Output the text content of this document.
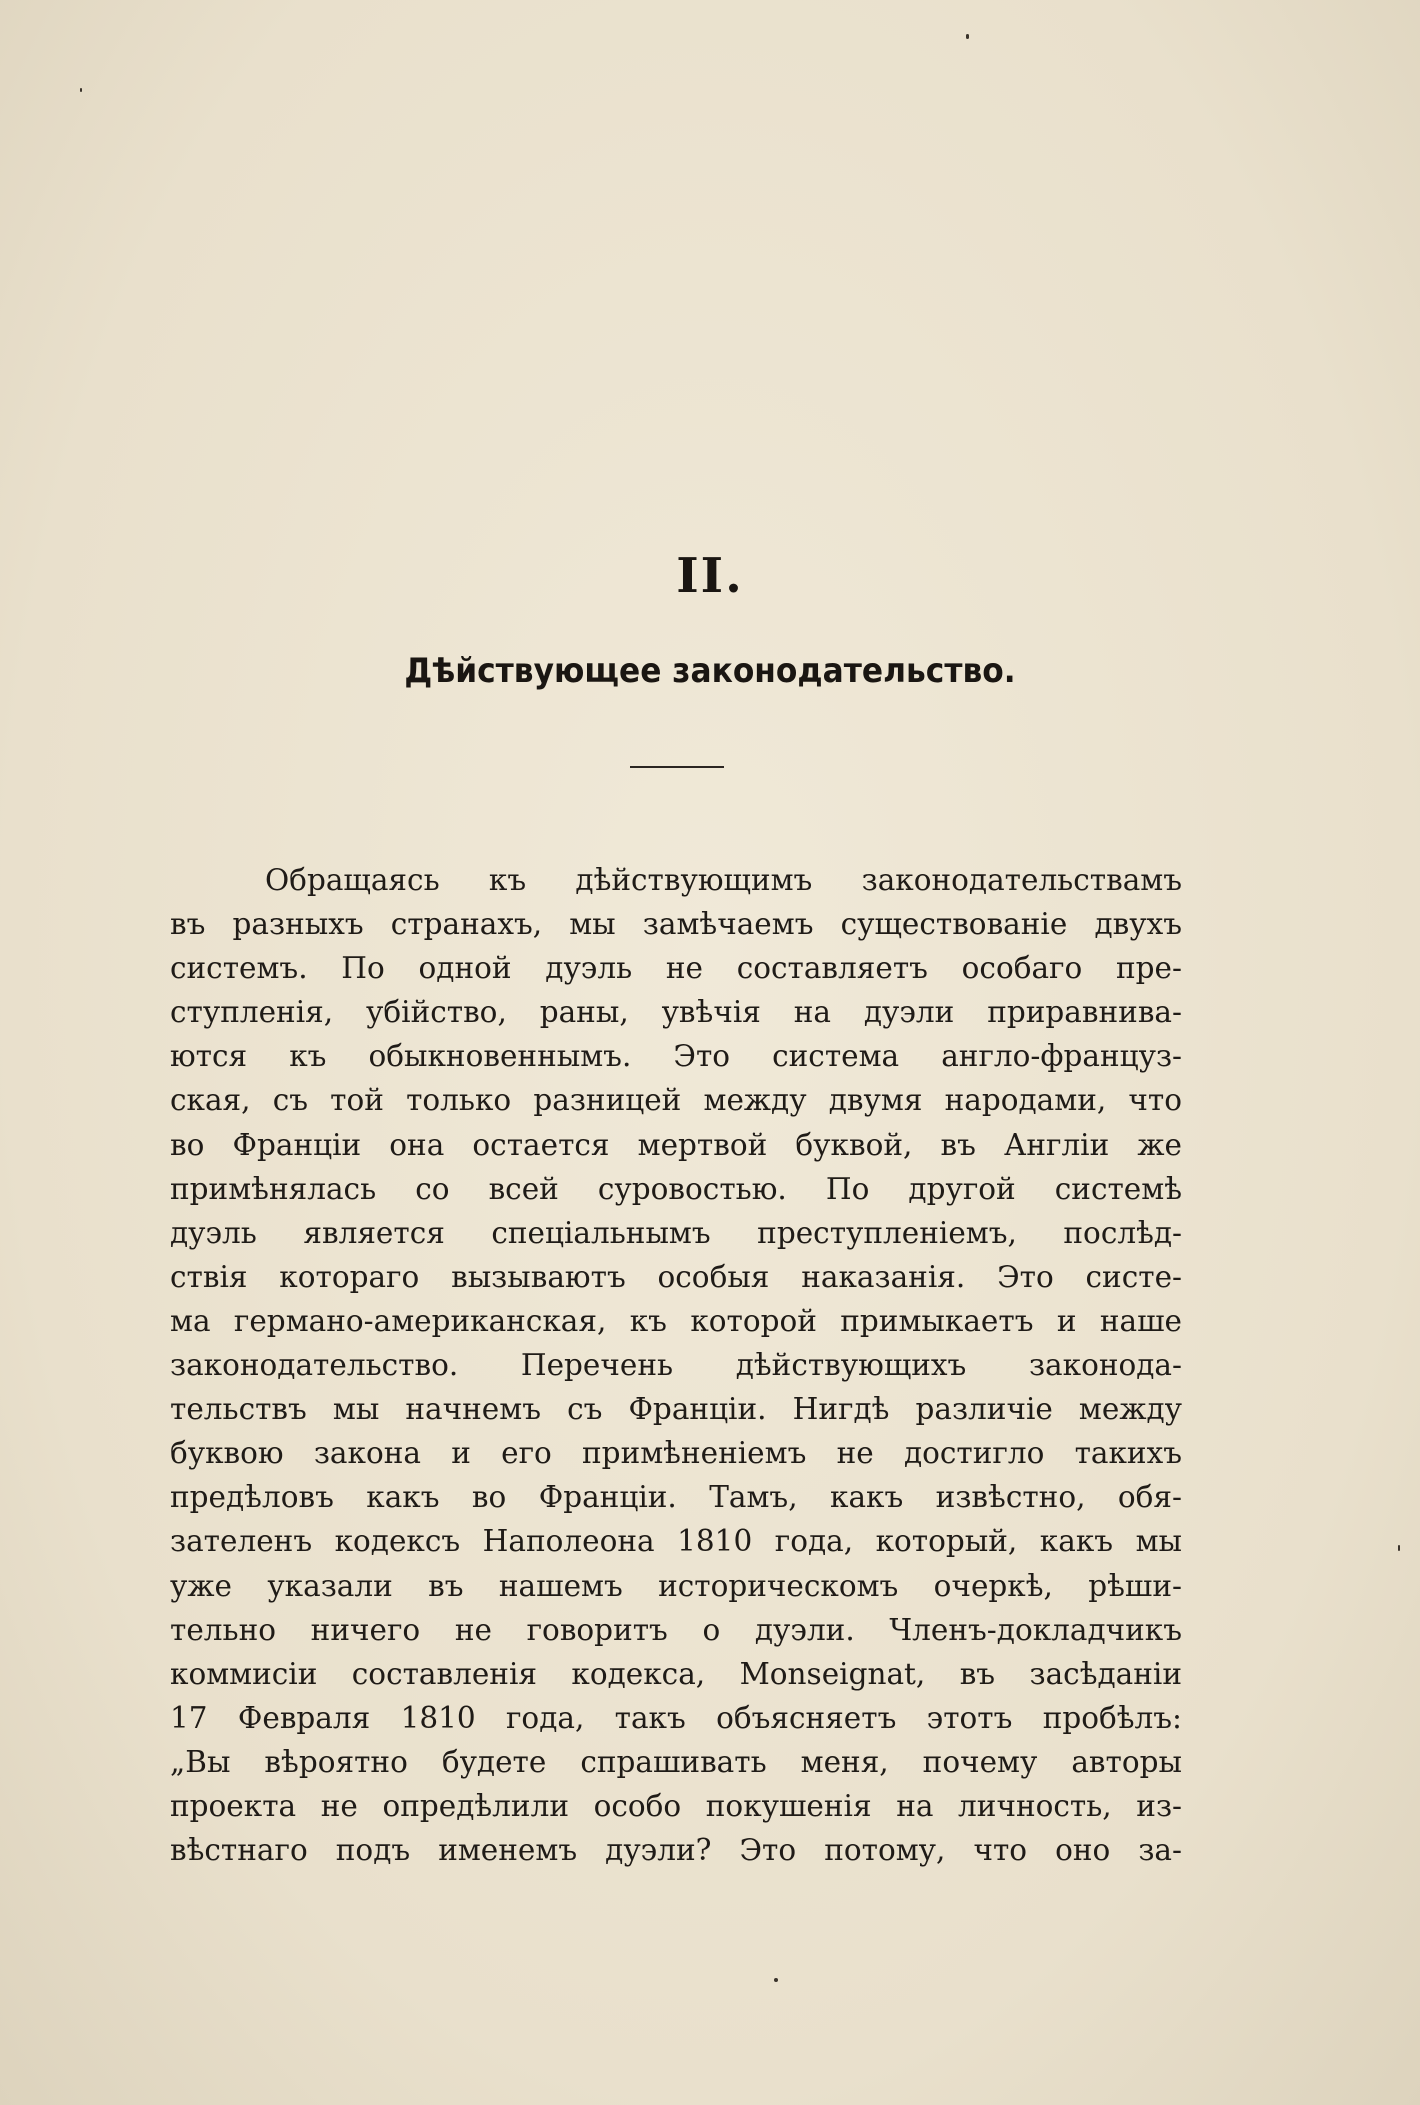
II.
Дѣйствующее законодательство.
Обращаясь къ дѣйствующимъ законодательствамъ
въ разныхъ странахъ, мы замѣчаемъ существованіе двухъ
системъ. По одной дуэль не составляетъ особаго пре-
ступленія, убійство, раны, увѣчія на дуэли приравнива-
ются къ обыкновеннымъ. Это система англо-француз-
ская, съ той только разницей между двумя народами, что
во Франціи она остается мертвой буквой, въ Англіи же
примѣнялась со всей суровостью. По другой системѣ
дуэль является спеціальнымъ преступленіемъ, послѣд-
ствія котораго вызываютъ особыя наказанія. Это систе-
ма германо-американская, къ которой примыкаетъ и наше
законодательство. Перечень дѣйствующихъ законода-
тельствъ мы начнемъ съ Франціи. Нигдѣ различіе между
буквою закона и его примѣненіемъ не достигло такихъ
предѣловъ какъ во Франціи. Тамъ, какъ извѣстно, обя-
зателенъ кодексъ Наполеона 1810 года, который, какъ мы
уже указали въ нашемъ историческомъ очеркѣ, рѣши-
тельно ничего не говоритъ о дуэли. Членъ-докладчикъ
коммисіи составленія кодекса, Monseignat, въ засѣданіи
17 Февраля 1810 года, такъ объясняетъ этотъ пробѣлъ:
„Вы вѣроятно будете спрашивать меня, почему авторы
проекта не опредѣлили особо покушенія на личность, из-
вѣстнаго подъ именемъ дуэли? Это потому, что оно за-
